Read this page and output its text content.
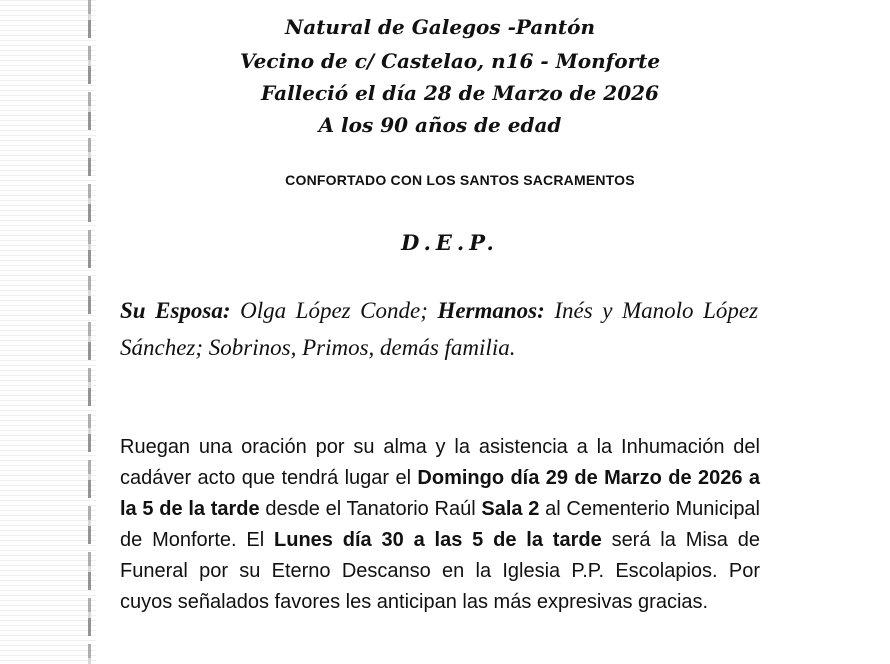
Natural de Galegos -Pantón
Vecino de c/ Castelao, n16 - Monforte
Falleció el día 28 de Marzo de 2026
A los 90 años de edad
CONFORTADO CON LOS SANTOS SACRAMENTOS
D.E.P.
Su Esposa: Olga López Conde; Hermanos: Inés y Manolo López Sánchez; Sobrinos, Primos, demás familia.
Ruegan una oración por su alma y la asistencia a la Inhumación del cadáver acto que tendrá lugar el Domingo día 29 de Marzo de 2026 a la 5 de la tarde desde el Tanatorio Raúl Sala 2 al Cementerio Municipal de Monforte. El Lunes día 30 a las 5 de la tarde será la Misa de Funeral por su Eterno Descanso en la Iglesia P.P. Escolapios. Por cuyos señalados favores les anticipan las más expresivas gracias.
